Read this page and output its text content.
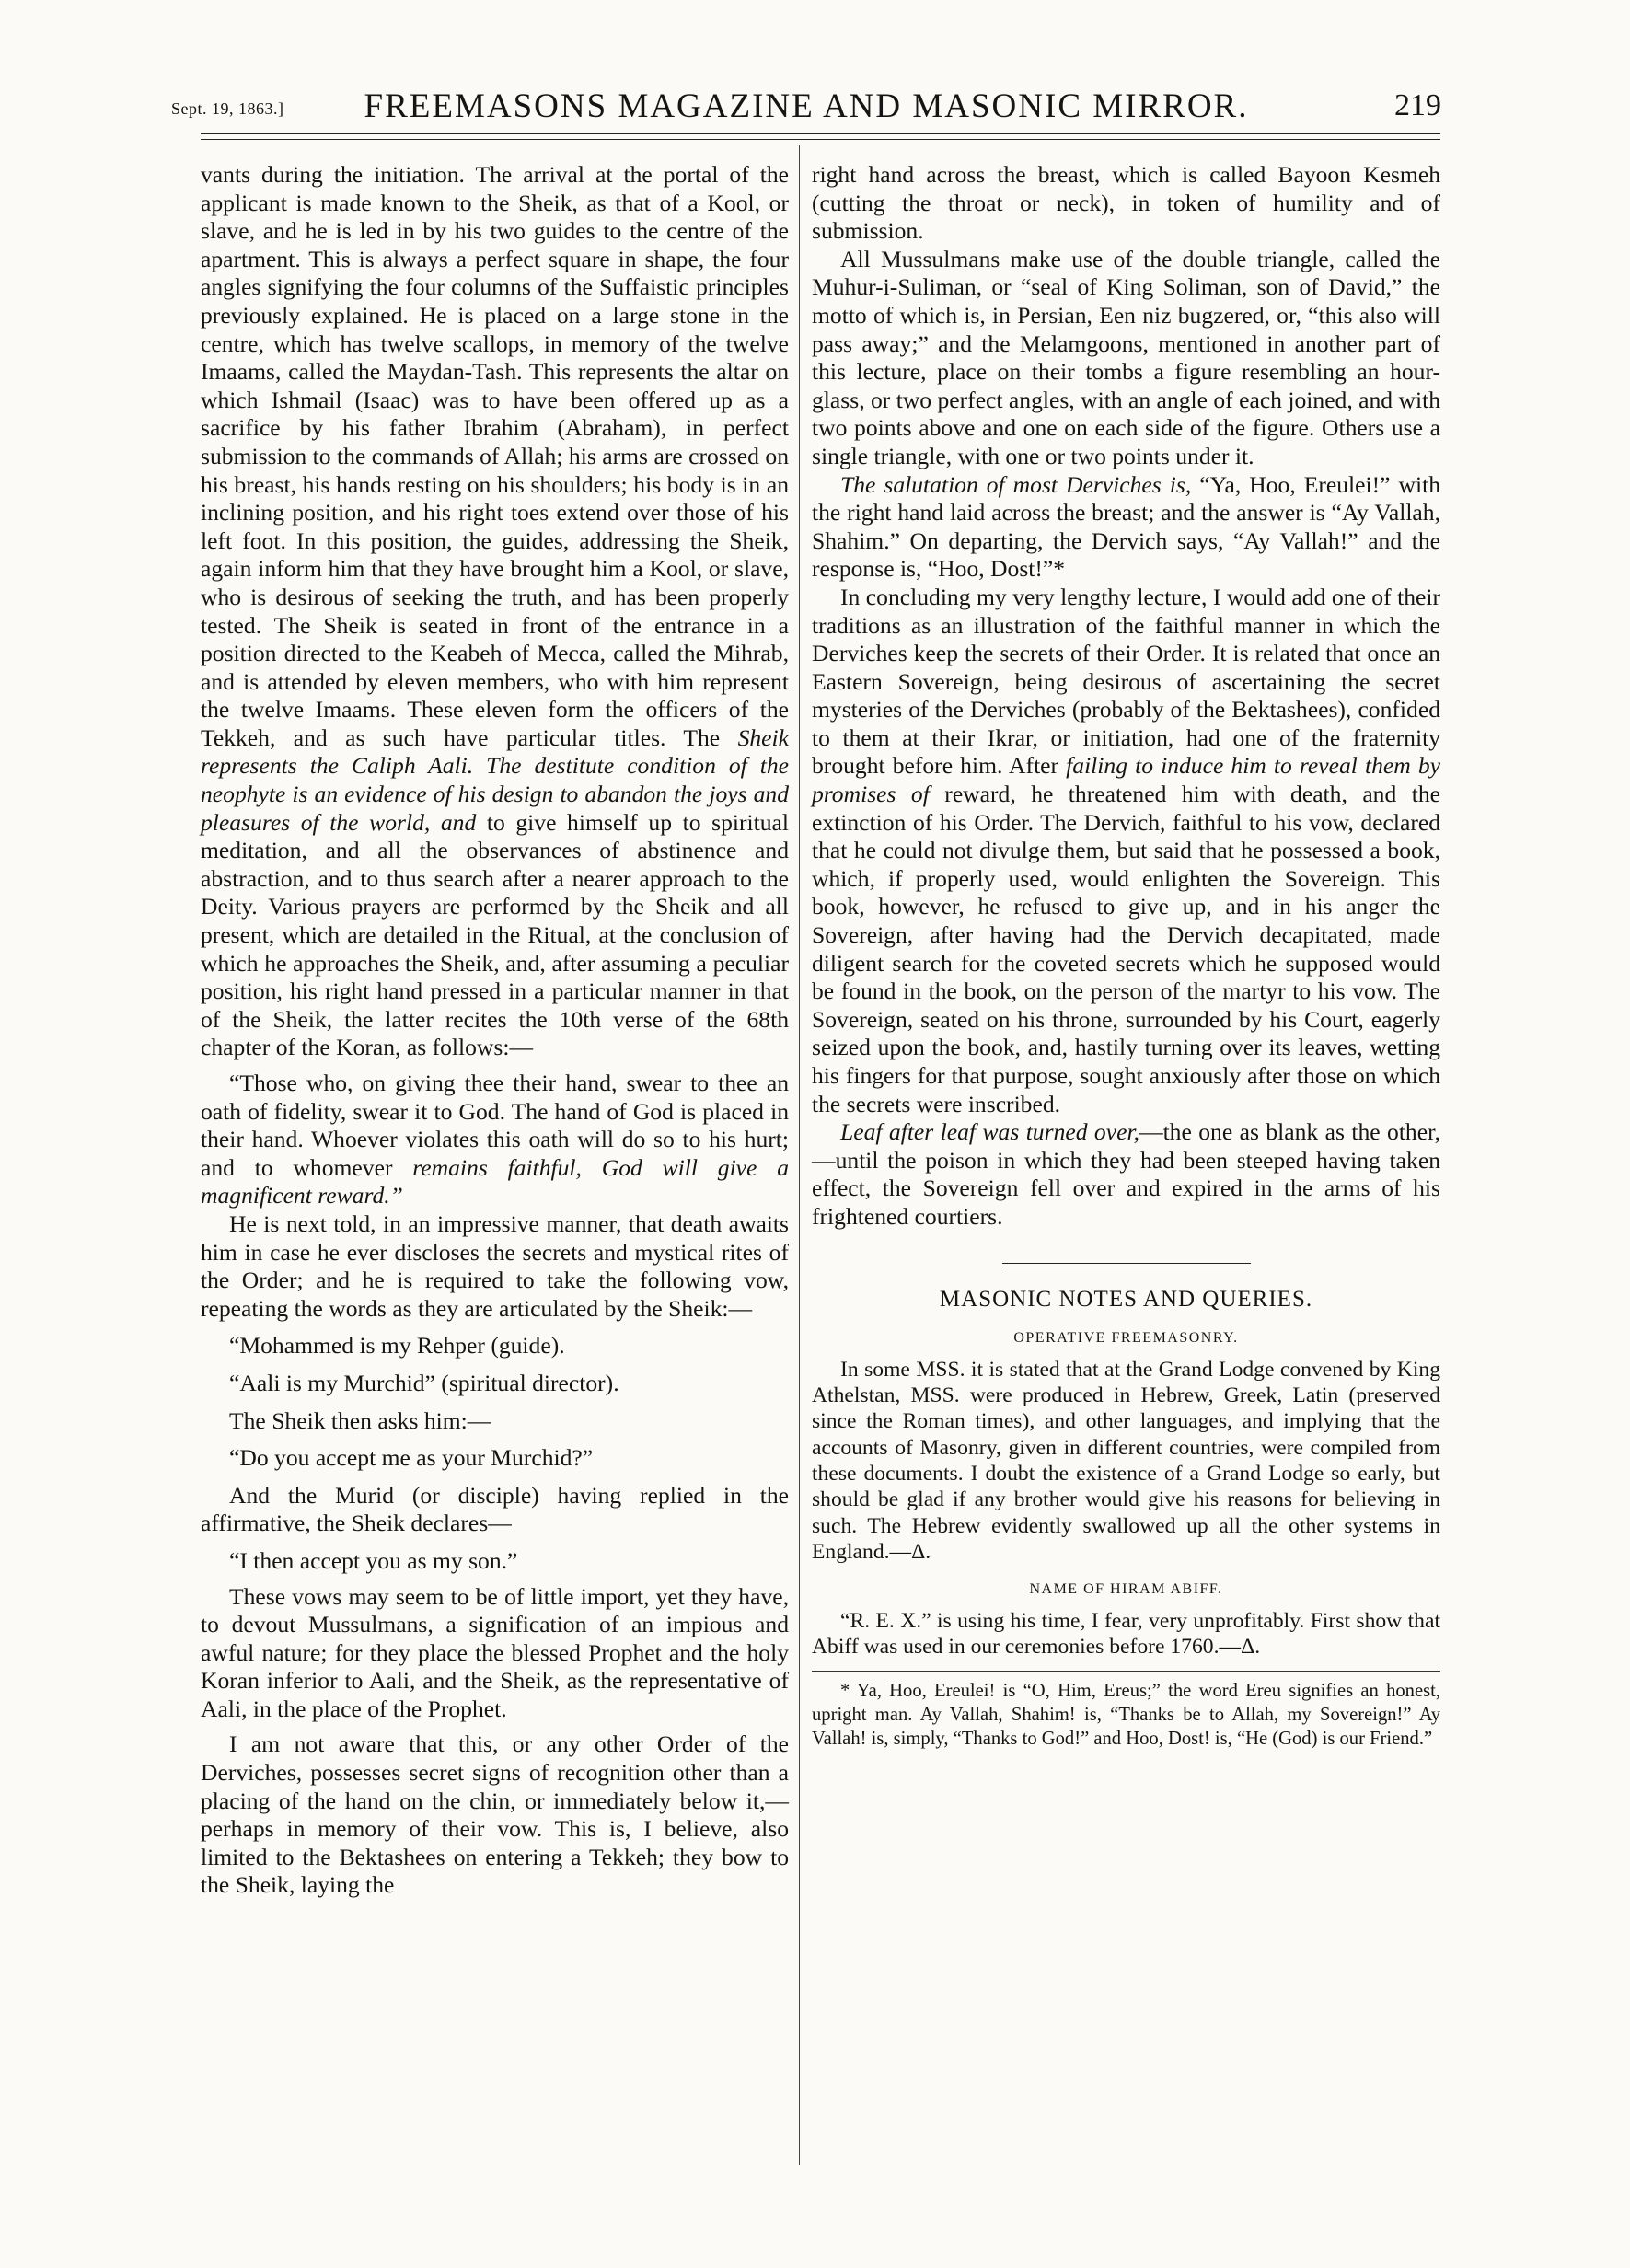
Sept. 19, 1863.]	FREEMASONS MAGAZINE AND MASONIC MIRROR.	219

vants during the initiation. The arrival at the portal of the applicant is made known to the Sheik, as that of a Kool, or slave, and he is led in by his two guides to the centre of the apartment. This is always a perfect square in shape, the four angles signifying the four columns of the Suffaistic principles previously explained. He is placed on a large stone in the centre, which has twelve scallops, in memory of the twelve Imaams, called the Maydan-Tash. This represents the altar on which Ishmail (Isaac) was to have been offered up as a sacrifice by his father Ibrahim (Abraham), in perfect submission to the commands of Allah; his arms are crossed on his breast, his hands resting on his shoulders; his body is in an inclining position, and his right toes extend over those of his left foot. In this position, the guides, addressing the Sheik, again inform him that they have brought him a Kool, or slave, who is desirous of seeking the truth, and has been properly tested. The Sheik is seated in front of the entrance in a position directed to the Keabeh of Mecca, called the Mihrab, and is attended by eleven members, who with him represent the twelve Imaams. These eleven form the officers of the Tekkeh, and as such have particular titles. The Sheik represents the Caliph Aali. The destitute condition of the neophyte is an evidence of his design to abandon the joys and pleasures of the world, and to give himself up to spiritual meditation, and all the observances of abstinence and abstraction, and to thus search after a nearer approach to the Deity. Various prayers are performed by the Sheik and all present, which are detailed in the Ritual, at the conclusion of which he approaches the Sheik, and, after assuming a peculiar position, his right hand pressed in a particular manner in that of the Sheik, the latter recites the 10th verse of the 68th chapter of the Koran, as follows:—

“Those who, on giving thee their hand, swear to thee an oath of fidelity, swear it to God. The hand of God is placed in their hand. Whoever violates this oath will do so to his hurt; and to whomever remains faithful, God will give a magnificent reward.”

He is next told, in an impressive manner, that death awaits him in case he ever discloses the secrets and mystical rites of the Order; and he is required to take the following vow, repeating the words as they are articulated by the Sheik:—

“Mohammed is my Rehper (guide).

“Aali is my Murchid” (spiritual director).

The Sheik then asks him:—

“Do you accept me as your Murchid?”

And the Murid (or disciple) having replied in the affirmative, the Sheik declares—

“I then accept you as my son.”

These vows may seem to be of little import, yet they have, to devout Mussulmans, a signification of an impious and awful nature; for they place the blessed Prophet and the holy Koran inferior to Aali, and the Sheik, as the representative of Aali, in the place of the Prophet.

I am not aware that this, or any other Order of the Derviches, possesses secret signs of recognition other than a placing of the hand on the chin, or immediately below it,—perhaps in memory of their vow. This is, I believe, also limited to the Bektashees on entering a Tekkeh; they bow to the Sheik, laying the

right hand across the breast, which is called Bayoon Kesmeh (cutting the throat or neck), in token of humility and of submission.

All Mussulmans make use of the double triangle, called the Muhur-i-Suliman, or “seal of King Soliman, son of David,” the motto of which is, in Persian, Een niz bugzered, or, “this also will pass away;” and the Melamgoons, mentioned in another part of this lecture, place on their tombs a figure resembling an hour-glass, or two perfect angles, with an angle of each joined, and with two points above and one on each side of the figure. Others use a single triangle, with one or two points under it.

The salutation of most Derviches is, “Ya, Hoo, Ereulei!” with the right hand laid across the breast; and the answer is “Ay Vallah, Shahim.” On departing, the Dervich says, “Ay Vallah!” and the response is, “Hoo, Dost!”*

In concluding my very lengthy lecture, I would add one of their traditions as an illustration of the faithful manner in which the Derviches keep the secrets of their Order. It is related that once an Eastern Sovereign, being desirous of ascertaining the secret mysteries of the Derviches (probably of the Bektashees), confided to them at their Ikrar, or initiation, had one of the fraternity brought before him. After failing to induce him to reveal them by promises of reward, he threatened him with death, and the extinction of his Order. The Dervich, faithful to his vow, declared that he could not divulge them, but said that he possessed a book, which, if properly used, would enlighten the Sovereign. This book, however, he refused to give up, and in his anger the Sovereign, after having had the Dervich decapitated, made diligent search for the coveted secrets which he supposed would be found in the book, on the person of the martyr to his vow. The Sovereign, seated on his throne, surrounded by his Court, eagerly seized upon the book, and, hastily turning over its leaves, wetting his fingers for that purpose, sought anxiously after those on which the secrets were inscribed.

Leaf after leaf was turned over,—the one as blank as the other,—until the poison in which they had been steeped having taken effect, the Sovereign fell over and expired in the arms of his frightened courtiers.

MASONIC NOTES AND QUERIES.
OPERATIVE FREEMASONRY.

In some MSS. it is stated that at the Grand Lodge convened by King Athelstan, MSS. were produced in Hebrew, Greek, Latin (preserved since the Roman times), and other languages, and implying that the accounts of Masonry, given in different countries, were compiled from these documents. I doubt the existence of a Grand Lodge so early, but should be glad if any brother would give his reasons for believing in such. The Hebrew evidently swallowed up all the other systems in England.—Δ.

NAME OF HIRAM ABIFF.

“R. E. X.” is using his time, I fear, very unprofitably. First show that Abiff was used in our ceremonies before 1760.—Δ.

* Ya, Hoo, Ereulei! is “O, Him, Ereus;” the word Ereu signifies an honest, upright man. Ay Vallah, Shahim! is, “Thanks be to Allah, my Sovereign!” Ay Vallah! is, simply, “Thanks to God!” and Hoo, Dost! is, “He (God) is our Friend.”
